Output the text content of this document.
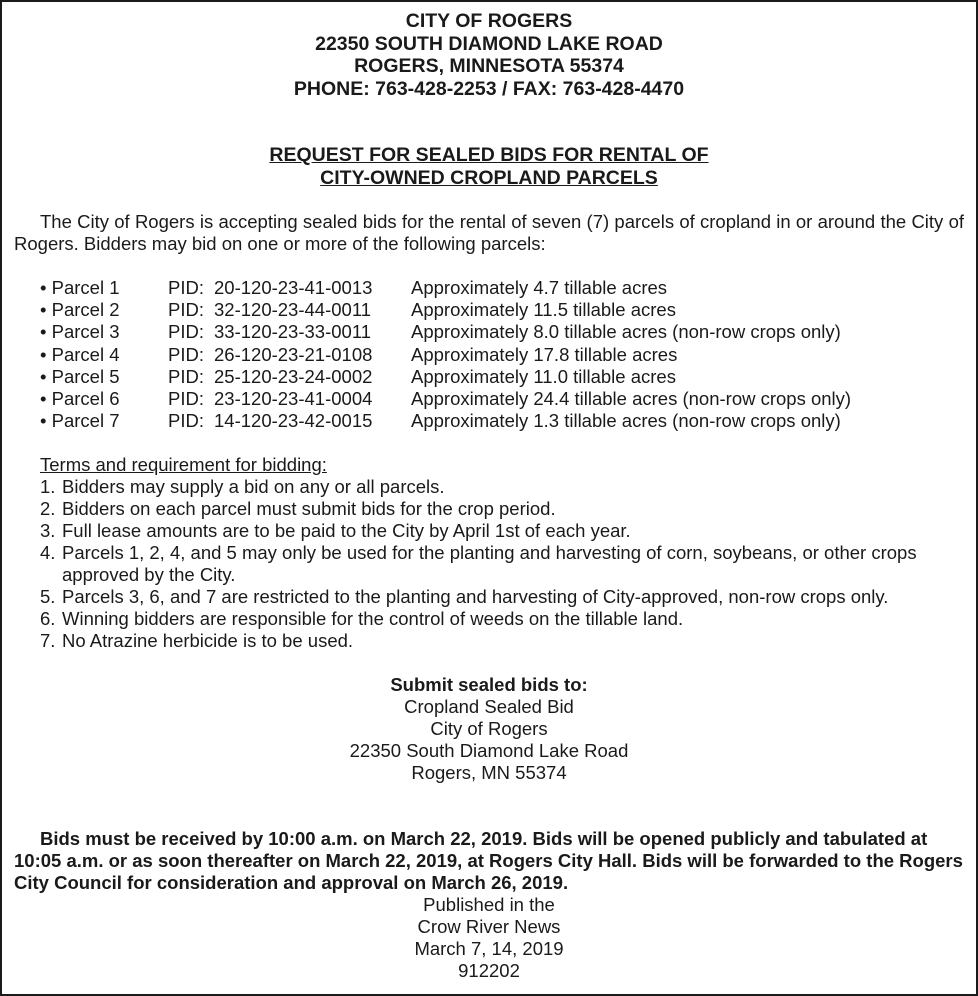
CITY OF ROGERS
22350 SOUTH DIAMOND LAKE ROAD
ROGERS, MINNESOTA 55374
PHONE: 763-428-2253 / FAX: 763-428-4470
REQUEST FOR SEALED BIDS FOR RENTAL OF
CITY-OWNED CROPLAND PARCELS
The City of Rogers is accepting sealed bids for the rental of seven (7) parcels of cropland in or around the City of Rogers. Bidders may bid on one or more of the following parcels:
• Parcel 1	PID: 20-120-23-41-0013 Approximately 4.7 tillable acres
• Parcel 2	PID: 32-120-23-44-0011 Approximately 11.5 tillable acres
• Parcel 3	PID: 33-120-23-33-0011 Approximately 8.0 tillable acres (non-row crops only)
• Parcel 4	PID: 26-120-23-21-0108 Approximately 17.8 tillable acres
• Parcel 5	PID: 25-120-23-24-0002 Approximately 11.0 tillable acres
• Parcel 6	PID: 23-120-23-41-0004 Approximately 24.4 tillable acres (non-row crops only)
• Parcel 7	PID: 14-120-23-42-0015 Approximately 1.3 tillable acres (non-row crops only)
Terms and requirement for bidding:
1. Bidders may supply a bid on any or all parcels.
2. Bidders on each parcel must submit bids for the crop period.
3. Full lease amounts are to be paid to the City by April 1st of each year.
4. Parcels 1, 2, 4, and 5 may only be used for the planting and harvesting of corn, soybeans, or other crops approved by the City.
5. Parcels 3, 6, and 7 are restricted to the planting and harvesting of City-approved, non-row crops only.
6. Winning bidders are responsible for the control of weeds on the tillable land.
7. No Atrazine herbicide is to be used.
Submit sealed bids to:
Cropland Sealed Bid
City of Rogers
22350 South Diamond Lake Road
Rogers, MN 55374
Bids must be received by 10:00 a.m. on March 22, 2019. Bids will be opened publicly and tabulated at 10:05 a.m. or as soon thereafter on March 22, 2019, at Rogers City Hall. Bids will be forwarded to the Rogers City Council for consideration and approval on March 26, 2019.
Published in the
Crow River News
March 7, 14, 2019
912202
